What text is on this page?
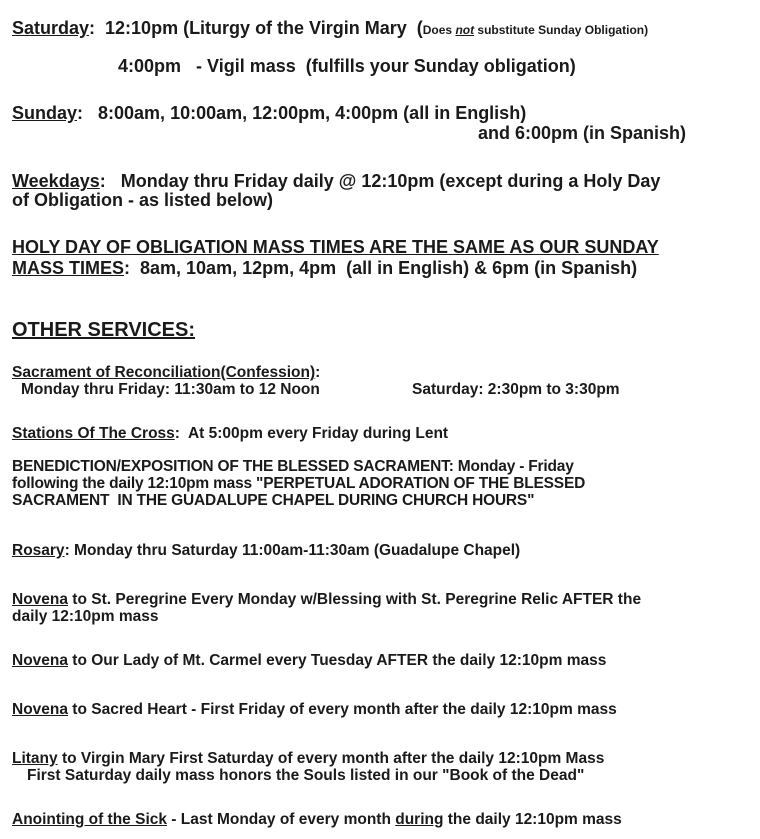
Saturday:  12:10pm (Liturgy of the Virgin Mary  (Does not substitute Sunday Obligation)
4:00pm   - Vigil mass  (fulfills your Sunday obligation)
Sunday:   8:00am, 10:00am, 12:00pm, 4:00pm (all in English)
and 6:00pm (in Spanish)
Weekdays:   Monday thru Friday daily @ 12:10pm (except during a Holy Day
of Obligation - as listed below)
HOLY DAY OF OBLIGATION MASS TIMES ARE THE SAME AS OUR SUNDAY
MASS TIMES:  8am, 10am, 12pm, 4pm  (all in English) & 6pm (in Spanish)
OTHER SERVICES:
Sacrament of Reconciliation(Confession):
Monday thru Friday: 11:30am to 12 Noon	Saturday: 2:30pm to 3:30pm
Stations Of The Cross:  At 5:00pm every Friday during Lent
BENEDICTION/EXPOSITION OF THE BLESSED SACRAMENT: Monday - Friday
following the daily 12:10pm mass "PERPETUAL ADORATION OF THE BLESSED
SACRAMENT  IN THE GUADALUPE CHAPEL DURING CHURCH HOURS"
Rosary: Monday thru Saturday 11:00am-11:30am (Guadalupe Chapel)
Novena to St. Peregrine Every Monday w/Blessing with St. Peregrine Relic AFTER the
daily 12:10pm mass
Novena to Our Lady of Mt. Carmel every Tuesday AFTER the daily 12:10pm mass
Novena to Sacred Heart - First Friday of every month after the daily 12:10pm mass
Litany to Virgin Mary First Saturday of every month after the daily 12:10pm Mass
First Saturday daily mass honors the Souls listed in our "Book of the Dead"
Anointing of the Sick - Last Monday of every month during the daily 12:10pm mass
